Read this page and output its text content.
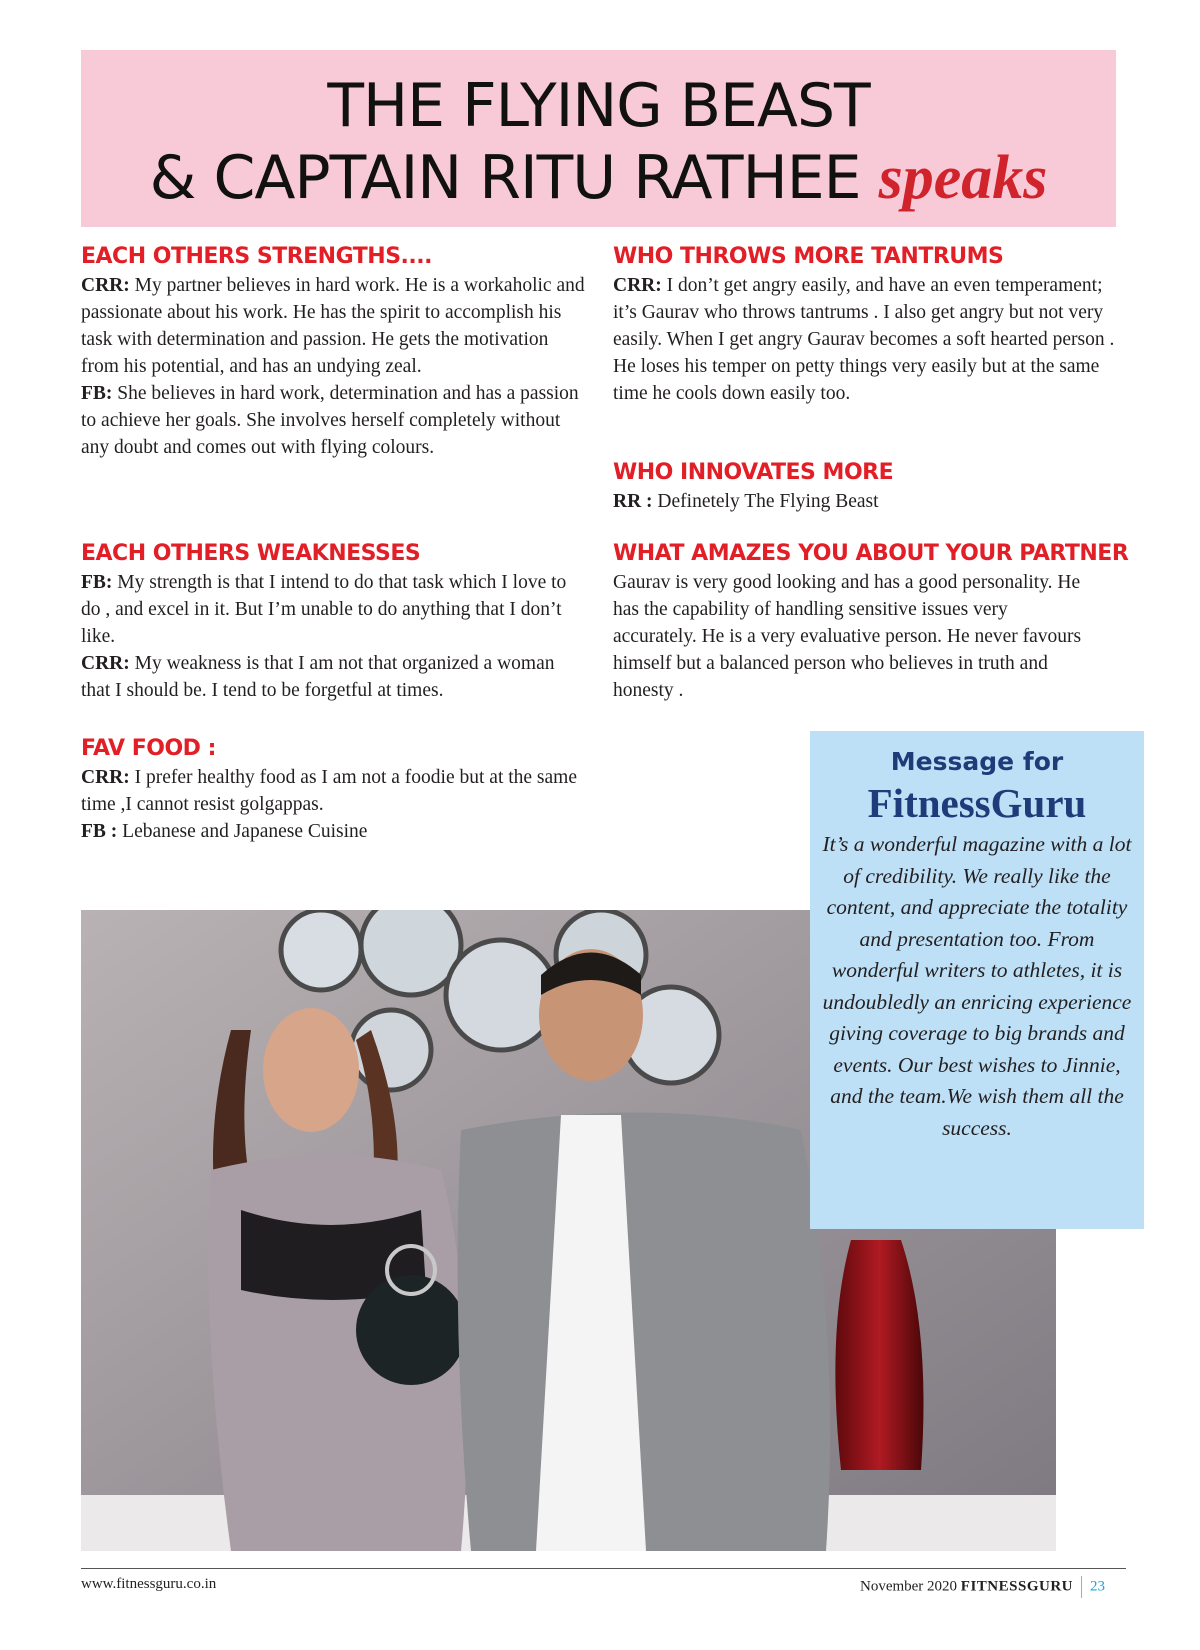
THE FLYING BEAST
& CAPTAIN RITU RATHEE speaks
EACH OTHERS STRENGTHS....

CRR: My partner believes in hard work. He is a workaholic and passionate about his work. He has the spirit to accomplish his task with determination and passion. He gets the motivation from his potential, and has an undying zeal.

FB: She believes in hard work, determination and has a passion to achieve her goals. She involves herself completely without any doubt and comes out with flying colours.

EACH OTHERS WEAKNESSES

FB: My strength is that I intend to do that task which I love to do , and excel in it. But I’m unable to do anything that I don’t like.

CRR: My weakness is that I am not that organized a woman that I should be. I tend to be forgetful at times.

FAV FOOD :

CRR: I prefer healthy food as I am not a foodie but at the same time ,I cannot resist golgappas.

FB : Lebanese and Japanese Cuisine

WHO THROWS MORE TANTRUMS

CRR: I don’t get angry easily, and have an even temperament; it’s Gaurav who throws tantrums . I also get angry but not very easily. When I get angry Gaurav becomes a soft hearted person .

He loses his temper on petty things very easily but at the same time he cools down easily too.

WHO INNOVATES MORE

RR : Definetely The Flying Beast

WHAT AMAZES YOU ABOUT YOUR PARTNER

Gaurav is very good looking and has a good personality. He has the capability of handling sensitive issues very accurately. He is a very evaluative person. He never favours himself but a balanced person who believes in truth and honesty .

Message for
FitnessGuru
It’s a wonderful magazine with a lot of credibility. We really like the content, and appreciate the totality and presentation too. From wonderful writers to athletes, it is undoubledly an enricing experience giving coverage to big brands and events. Our best wishes to Jinnie, and the team.We wish them all the success.
www.fitnessguru.co.in	November 2020 FITNESSGURU 23
